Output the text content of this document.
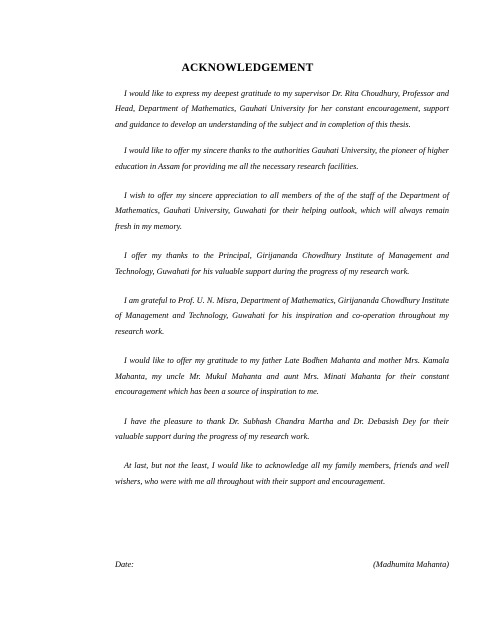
ACKNOWLEDGEMENT

I would like to express my deepest gratitude to my supervisor Dr. Rita Choudhury, Professor and Head, Department of Mathematics, Gauhati University for her constant encouragement, support and guidance to develop an understanding of the subject and in completion of this thesis.

I would like to offer my sincere thanks to the authorities Gauhati University, the pioneer of higher education in Assam for providing me all the necessary research facilities.

I wish to offer my sincere appreciation to all members of the of the staff of the Department of Mathematics, Gauhati University, Guwahati for their helping outlook, which will always remain fresh in my memory.

I offer my thanks to the Principal, Girijananda Chowdhury Institute of Management and Technology, Guwahati for his valuable support during the progress of my research work.

I am grateful to Prof. U. N. Misra, Department of Mathematics, Girijananda Chowdhury Institute of Management and Technology, Guwahati for his inspiration and co-operation throughout my research work.

I would like to offer my gratitude to my father Late Bodhen Mahanta and mother Mrs. Kamala Mahanta, my uncle Mr. Mukul Mahanta and aunt Mrs. Minati Mahanta for their constant encouragement which has been a source of inspiration to me.

I have the pleasure to thank Dr. Subhash Chandra Martha and Dr. Debasish Dey for their valuable support during the progress of my research work.

At last, but not the least, I would like to acknowledge all my family members, friends and well wishers, who were with me all throughout with their support and encouragement.

Date:	(Madhumita Mahanta)
